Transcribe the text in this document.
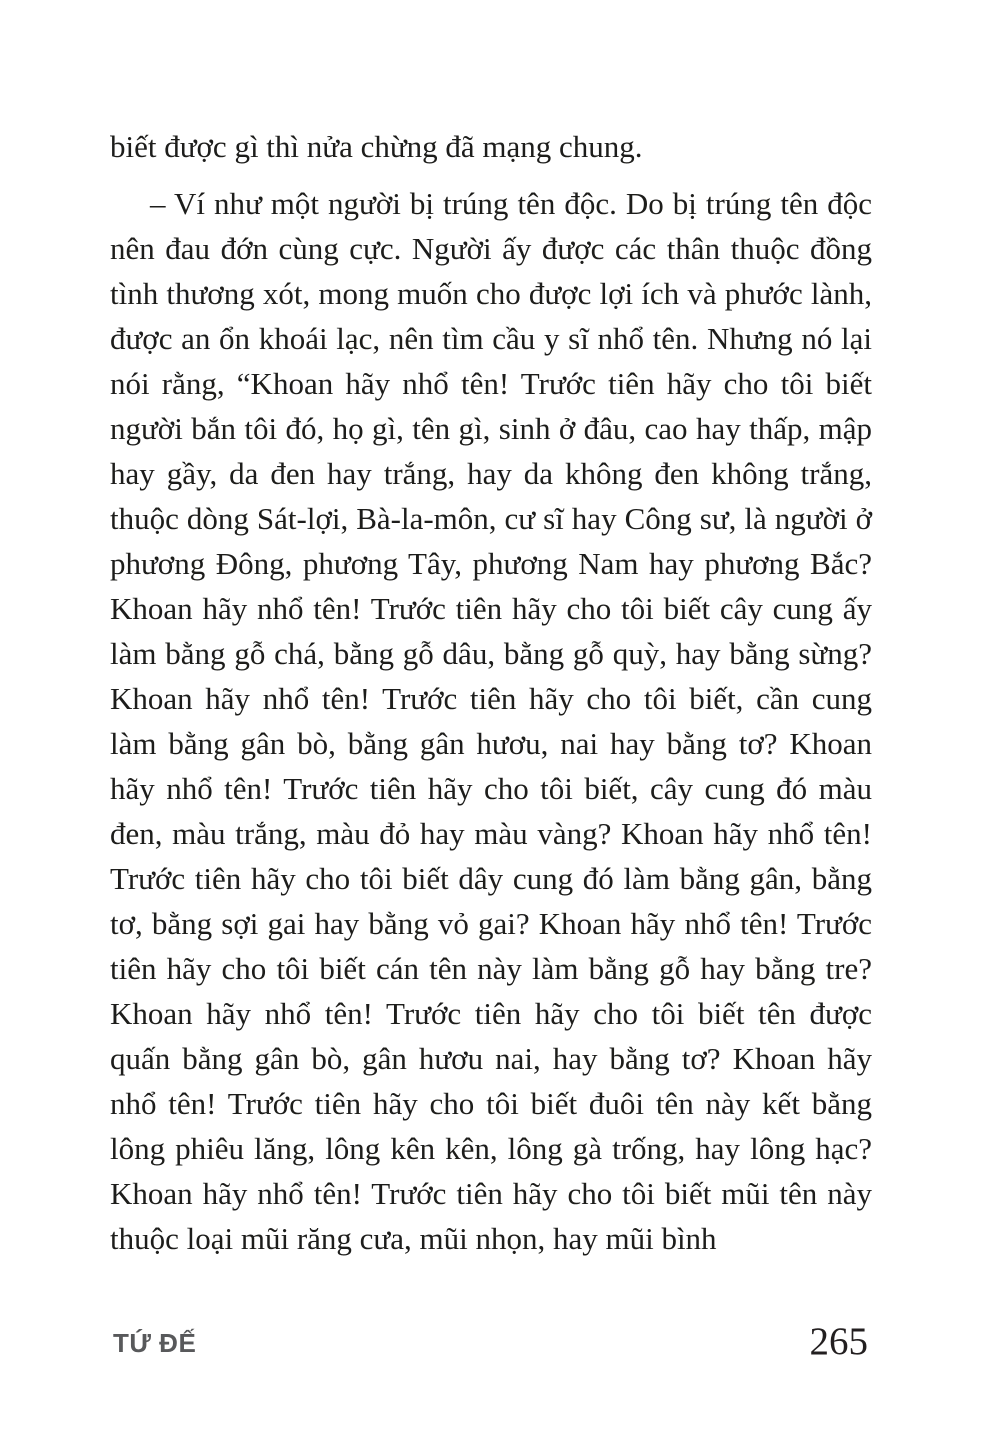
biết được gì thì nửa chừng đã mạng chung.

– Ví như một người bị trúng tên độc. Do bị trúng tên độc nên đau đớn cùng cực. Người ấy được các thân thuộc đồng tình thương xót, mong muốn cho được lợi ích và phước lành, được an ổn khoái lạc, nên tìm cầu y sĩ nhổ tên. Nhưng nó lại nói rằng, “Khoan hãy nhổ tên! Trước tiên hãy cho tôi biết người bắn tôi đó, họ gì, tên gì, sinh ở đâu, cao hay thấp, mập hay gầy, da đen hay trắng, hay da không đen không trắng, thuộc dòng Sát-lợi, Bà-la-môn, cư sĩ hay Công sư, là người ở phương Đông, phương Tây, phương Nam hay phương Bắc? Khoan hãy nhổ tên! Trước tiên hãy cho tôi biết cây cung ấy làm bằng gỗ chá, bằng gỗ dâu, bằng gỗ quỳ, hay bằng sừng? Khoan hãy nhổ tên! Trước tiên hãy cho tôi biết, cần cung làm bằng gân bò, bằng gân hươu, nai hay bằng tơ? Khoan hãy nhổ tên! Trước tiên hãy cho tôi biết, cây cung đó màu đen, màu trắng, màu đỏ hay màu vàng? Khoan hãy nhổ tên! Trước tiên hãy cho tôi biết dây cung đó làm bằng gân, bằng tơ, bằng sợi gai hay bằng vỏ gai? Khoan hãy nhổ tên! Trước tiên hãy cho tôi biết cán tên này làm bằng gỗ hay bằng tre? Khoan hãy nhổ tên! Trước tiên hãy cho tôi biết tên được quấn bằng gân bò, gân hươu nai, hay bằng tơ? Khoan hãy nhổ tên! Trước tiên hãy cho tôi biết đuôi tên này kết bằng lông phiêu lăng, lông kên kên, lông gà trống, hay lông hạc? Khoan hãy nhổ tên! Trước tiên hãy cho tôi biết mũi tên này thuộc loại mũi răng cưa, mũi nhọn, hay mũi bình

TỨ ĐẾ	265
